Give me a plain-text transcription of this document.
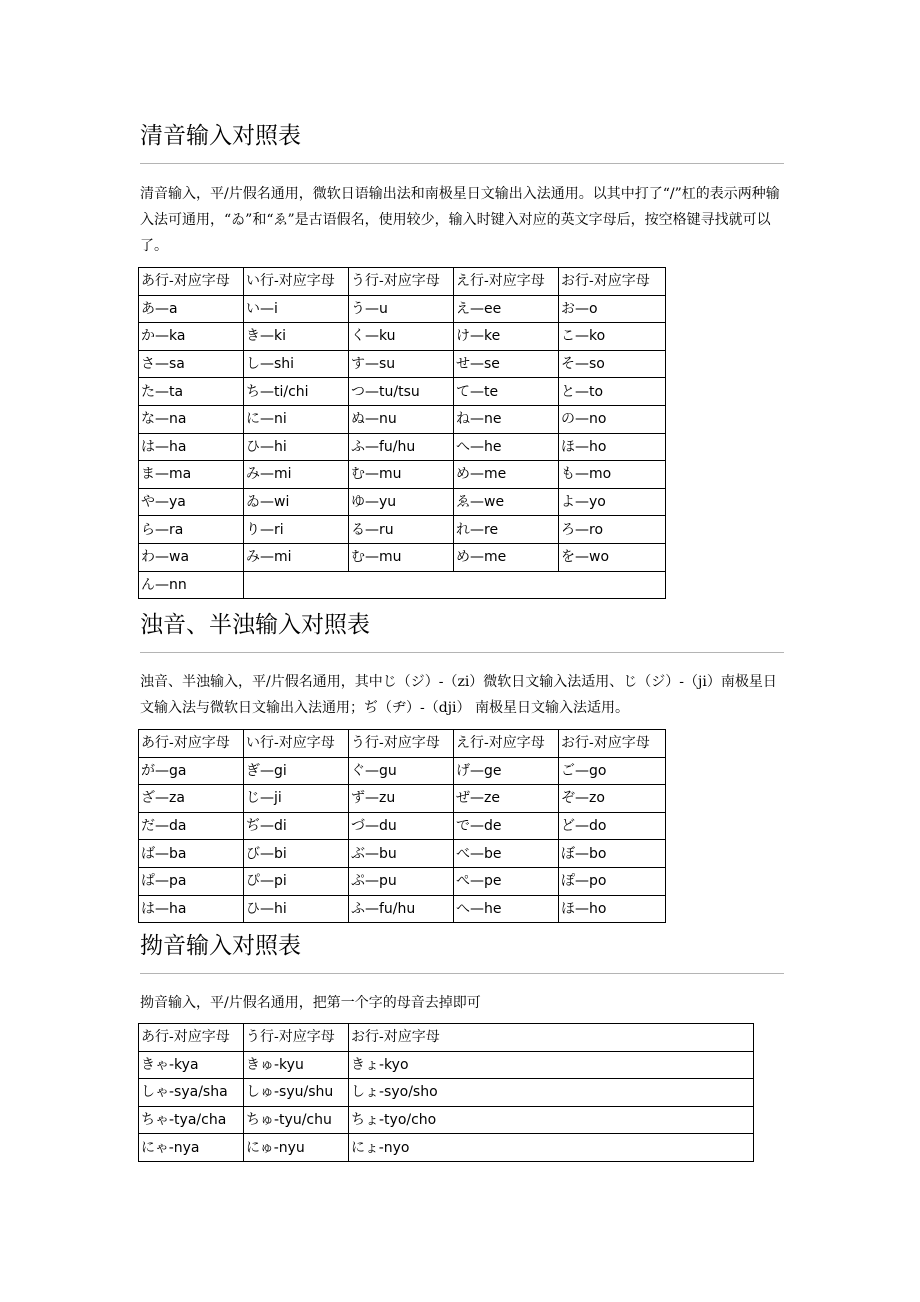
清音输入对照表

清音输入，平/片假名通用，微软日语输出法和南极星日文输出入法通用。以其中打了“/”杠的表示两种输入法可通用，“ゐ”和“ゑ”是古语假名，使用较少，输入时键入对应的英文字母后，按空格键寻找就可以了。

あ行-对应字母	い行-对应字母	う行-对应字母	え行-对应字母	お行-对应字母
あ—a	い—i	う—u	え—ee	お—o
か—ka	き—ki	く—ku	け—ke	こ—ko
さ—sa	し—shi	す—su	せ—se	そ—so
た—ta	ち—ti/chi	つ—tu/tsu	て—te	と—to
な—na	に—ni	ぬ—nu	ね—ne	の—no
は—ha	ひ—hi	ふ—fu/hu	へ—he	ほ—ho
ま—ma	み—mi	む—mu	め—me	も—mo
や—ya	ゐ—wi	ゆ—yu	ゑ—we	よ—yo
ら—ra	り—ri	る—ru	れ—re	ろ—ro
わ—wa	み—mi	む—mu	め—me	を—wo
ん—nn				
浊音、半浊输入对照表

浊音、半浊输入，平/片假名通用，其中じ（ジ）-（zi）微软日文输入法适用、じ（ジ）-（ji）南极星日文输入法与微软日文输出入法通用；ぢ（ヂ）-（dji） 南极星日文输入法适用。

あ行-对应字母	い行-对应字母	う行-对应字母	え行-对应字母	お行-对应字母
が—ga	ぎ—gi	ぐ—gu	げ—ge	ご—go
ざ—za	じ—ji	ず—zu	ぜ—ze	ぞ—zo
だ—da	ぢ—di	づ—du	で—de	ど—do
ば—ba	び—bi	ぶ—bu	べ—be	ぼ—bo
ぱ—pa	ぴ—pi	ぷ—pu	ぺ—pe	ぽ—po
は—ha	ひ—hi	ふ—fu/hu	へ—he	ほ—ho
拗音输入对照表

拗音输入，平/片假名通用，把第一个字的母音去掉即可

あ行-对应字母	う行-对应字母	お行-对应字母
きゃ-kya	きゅ-kyu	きょ-kyo
しゃ-sya/sha	しゅ-syu/shu	しょ-syo/sho
ちゃ-tya/cha	ちゅ-tyu/chu	ちょ-tyo/cho
にゃ-nya	にゅ-nyu	にょ-nyo
